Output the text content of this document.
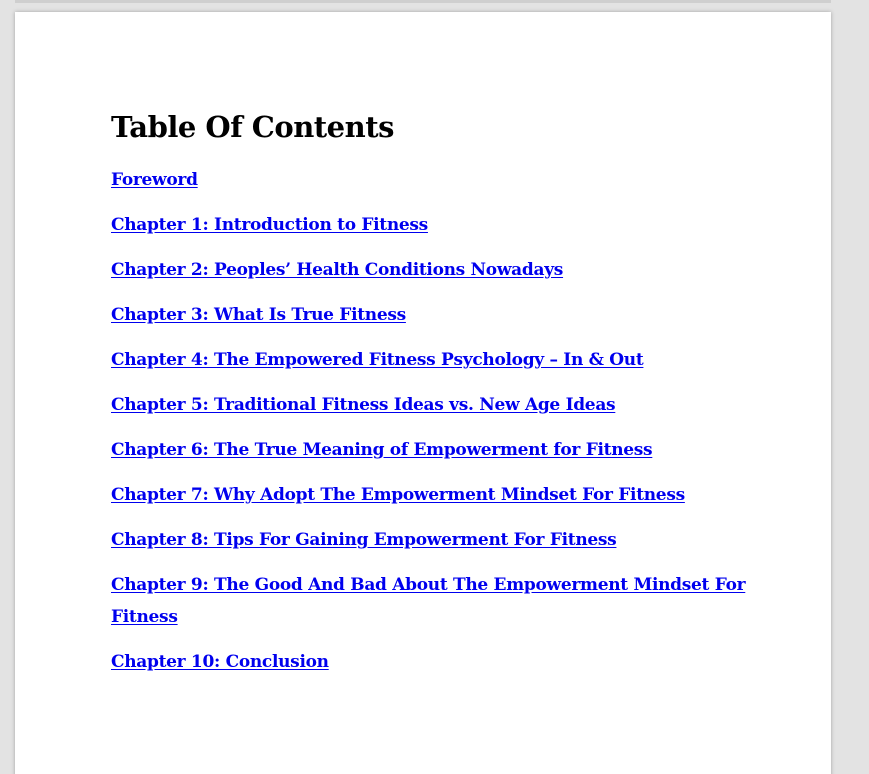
Table Of Contents
Foreword
Chapter 1: Introduction to Fitness
Chapter 2: Peoples’ Health Conditions Nowadays
Chapter 3: What Is True Fitness
Chapter 4: The Empowered Fitness Psychology – In & Out
Chapter 5: Traditional Fitness Ideas vs. New Age Ideas
Chapter 6: The True Meaning of Empowerment for Fitness
Chapter 7: Why Adopt The Empowerment Mindset For Fitness
Chapter 8: Tips For Gaining Empowerment For Fitness
Chapter 9: The Good And Bad About The Empowerment Mindset For Fitness
Chapter 10: Conclusion
